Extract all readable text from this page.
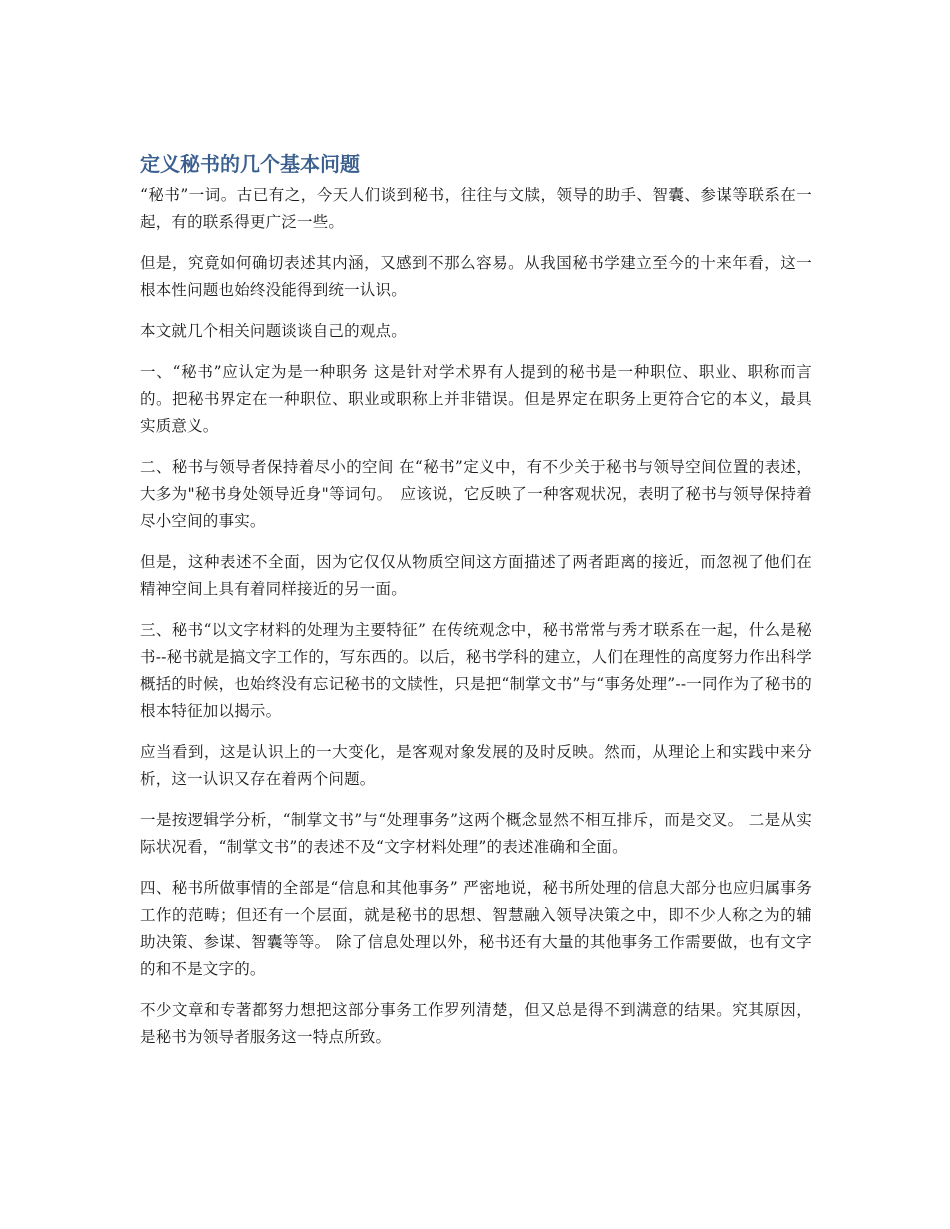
定义秘书的几个基本问题

“秘书”一词。古已有之，今天人们谈到秘书，往往与文牍，领导的助手、智囊、参谋等联系在一起，有的联系得更广泛一些。

但是，究竟如何确切表述其内涵，又感到不那么容易。从我国秘书学建立至今的十来年看，这一根本性问题也始终没能得到统一认识。

本文就几个相关问题谈谈自己的观点。

一、“秘书”应认定为是一种职务 这是针对学术界有人提到的秘书是一种职位、职业、职称而言的。把秘书界定在一种职位、职业或职称上并非错误。但是界定在职务上更符合它的本义，最具实质意义。

二、秘书与领导者保持着尽小的空间 在“秘书”定义中，有不少关于秘书与领导空间位置的表述，大多为"秘书身处领导近身"等词句。　应该说，它反映了一种客观状况，表明了秘书与领导保持着尽小空间的事实。

但是，这种表述不全面，因为它仅仅从物质空间这方面描述了两者距离的接近，而忽视了他们在精神空间上具有着同样接近的另一面。

三、秘书“以文字材料的处理为主要特征” 在传统观念中，秘书常常与秀才联系在一起，什么是秘书--秘书就是搞文字工作的，写东西的。以后，秘书学科的建立，人们在理性的高度努力作出科学概括的时候，也始终没有忘记秘书的文牍性，只是把“制掌文书”与“事务处理”--一同作为了秘书的根本特征加以揭示。

应当看到，这是认识上的一大变化，是客观对象发展的及时反映。然而，从理论上和实践中来分析，这一认识又存在着两个问题。

一是按逻辑学分析，“制掌文书”与“处理事务”这两个概念显然不相互排斥，而是交叉。 二是从实际状况看，“制掌文书”的表述不及“文字材料处理”的表述准确和全面。

四、秘书所做事情的全部是“信息和其他事务” 严密地说，秘书所处理的信息大部分也应归属事务工作的范畴；但还有一个层面，就是秘书的思想、智慧融入领导决策之中，即不少人称之为的辅助决策、参谋、智囊等等。 除了信息处理以外，秘书还有大量的其他事务工作需要做，也有文字的和不是文字的。

不少文章和专著都努力想把这部分事务工作罗列清楚，但又总是得不到满意的结果。究其原因，是秘书为领导者服务这一特点所致。
